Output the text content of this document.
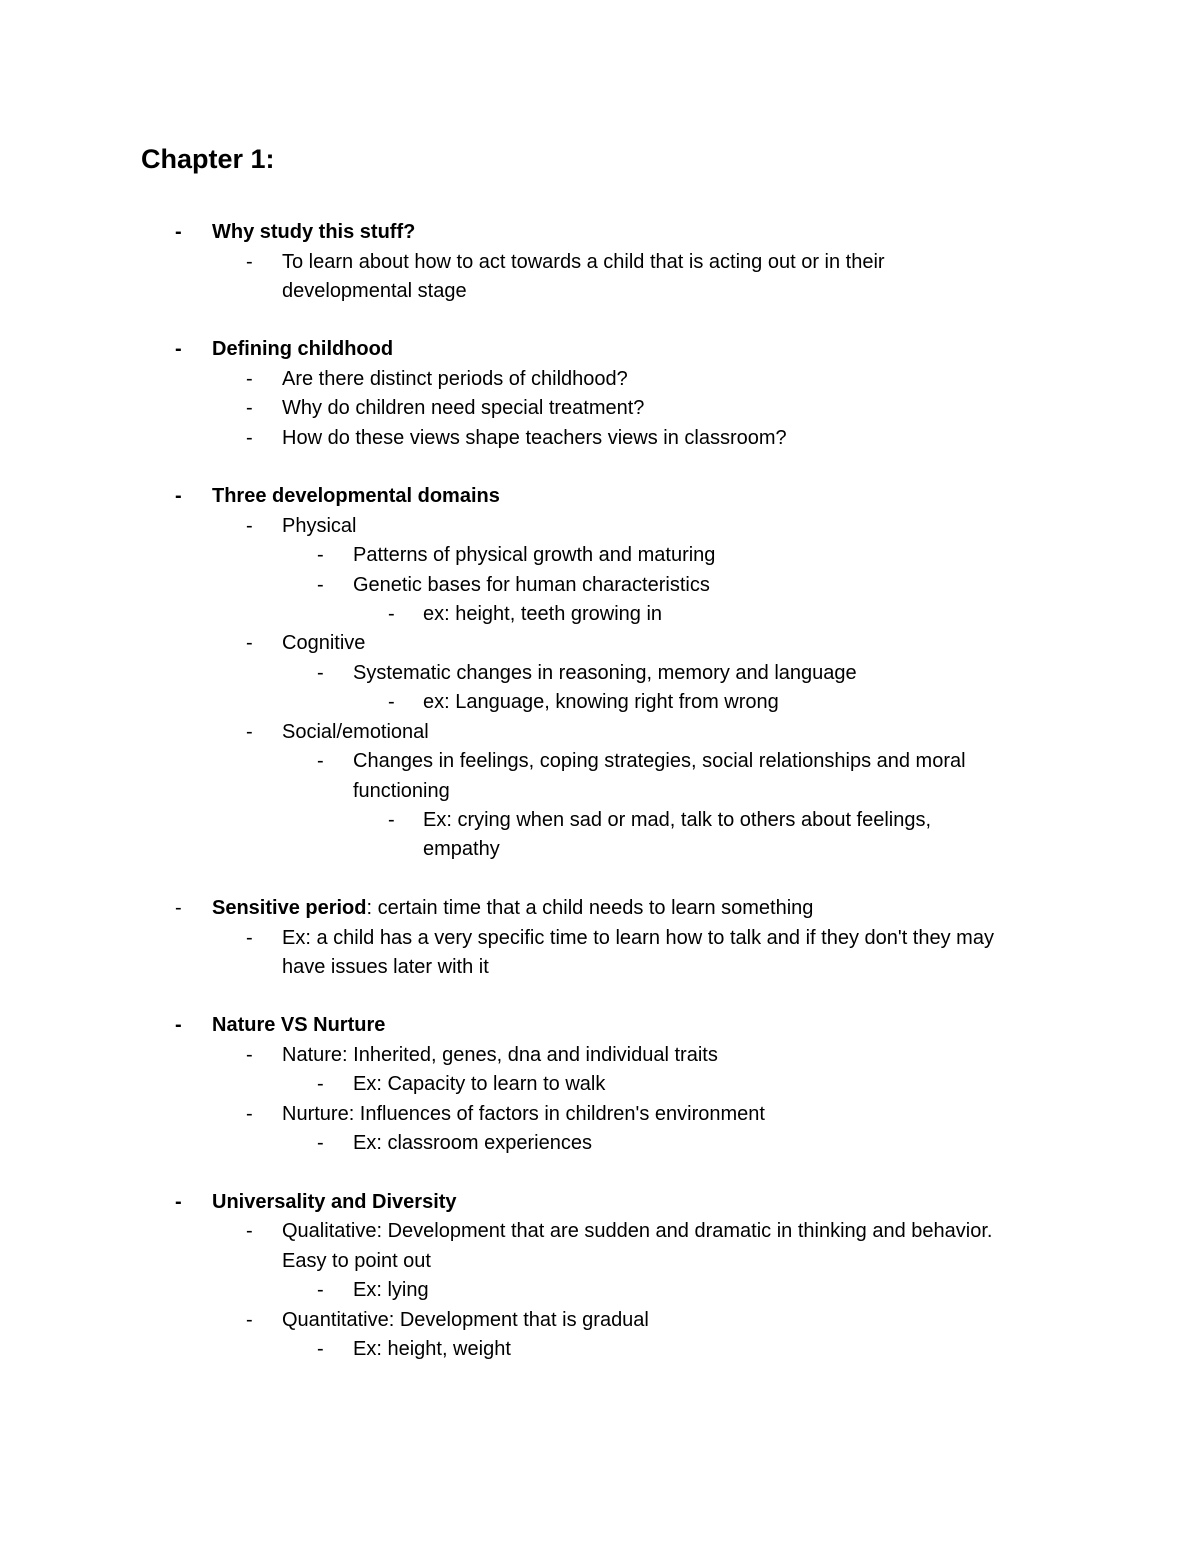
Chapter 1:
- Why study this stuff?
- To learn about how to act towards a child that is acting out or in their
developmental stage
- Defining childhood
- Are there distinct periods of childhood?
- Why do children need special treatment?
- How do these views shape teachers views in classroom?
- Three developmental domains
- Physical
- Patterns of physical growth and maturing
- Genetic bases for human characteristics
- ex: height, teeth growing in
- Cognitive
- Systematic changes in reasoning, memory and language
- ex: Language, knowing right from wrong
- Social/emotional
- Changes in feelings, coping strategies, social relationships and moral
functioning
- Ex: crying when sad or mad, talk to others about feelings,
empathy
- Sensitive period: certain time that a child needs to learn something
- Ex: a child has a very specific time to learn how to talk and if they don't they may
have issues later with it
- Nature VS Nurture
- Nature: Inherited, genes, dna and individual traits
- Ex: Capacity to learn to walk
- Nurture: Influences of factors in children's environment
- Ex: classroom experiences
- Universality and Diversity
- Qualitative: Development that are sudden and dramatic in thinking and behavior.
Easy to point out
- Ex: lying
- Quantitative: Development that is gradual
- Ex: height, weight
